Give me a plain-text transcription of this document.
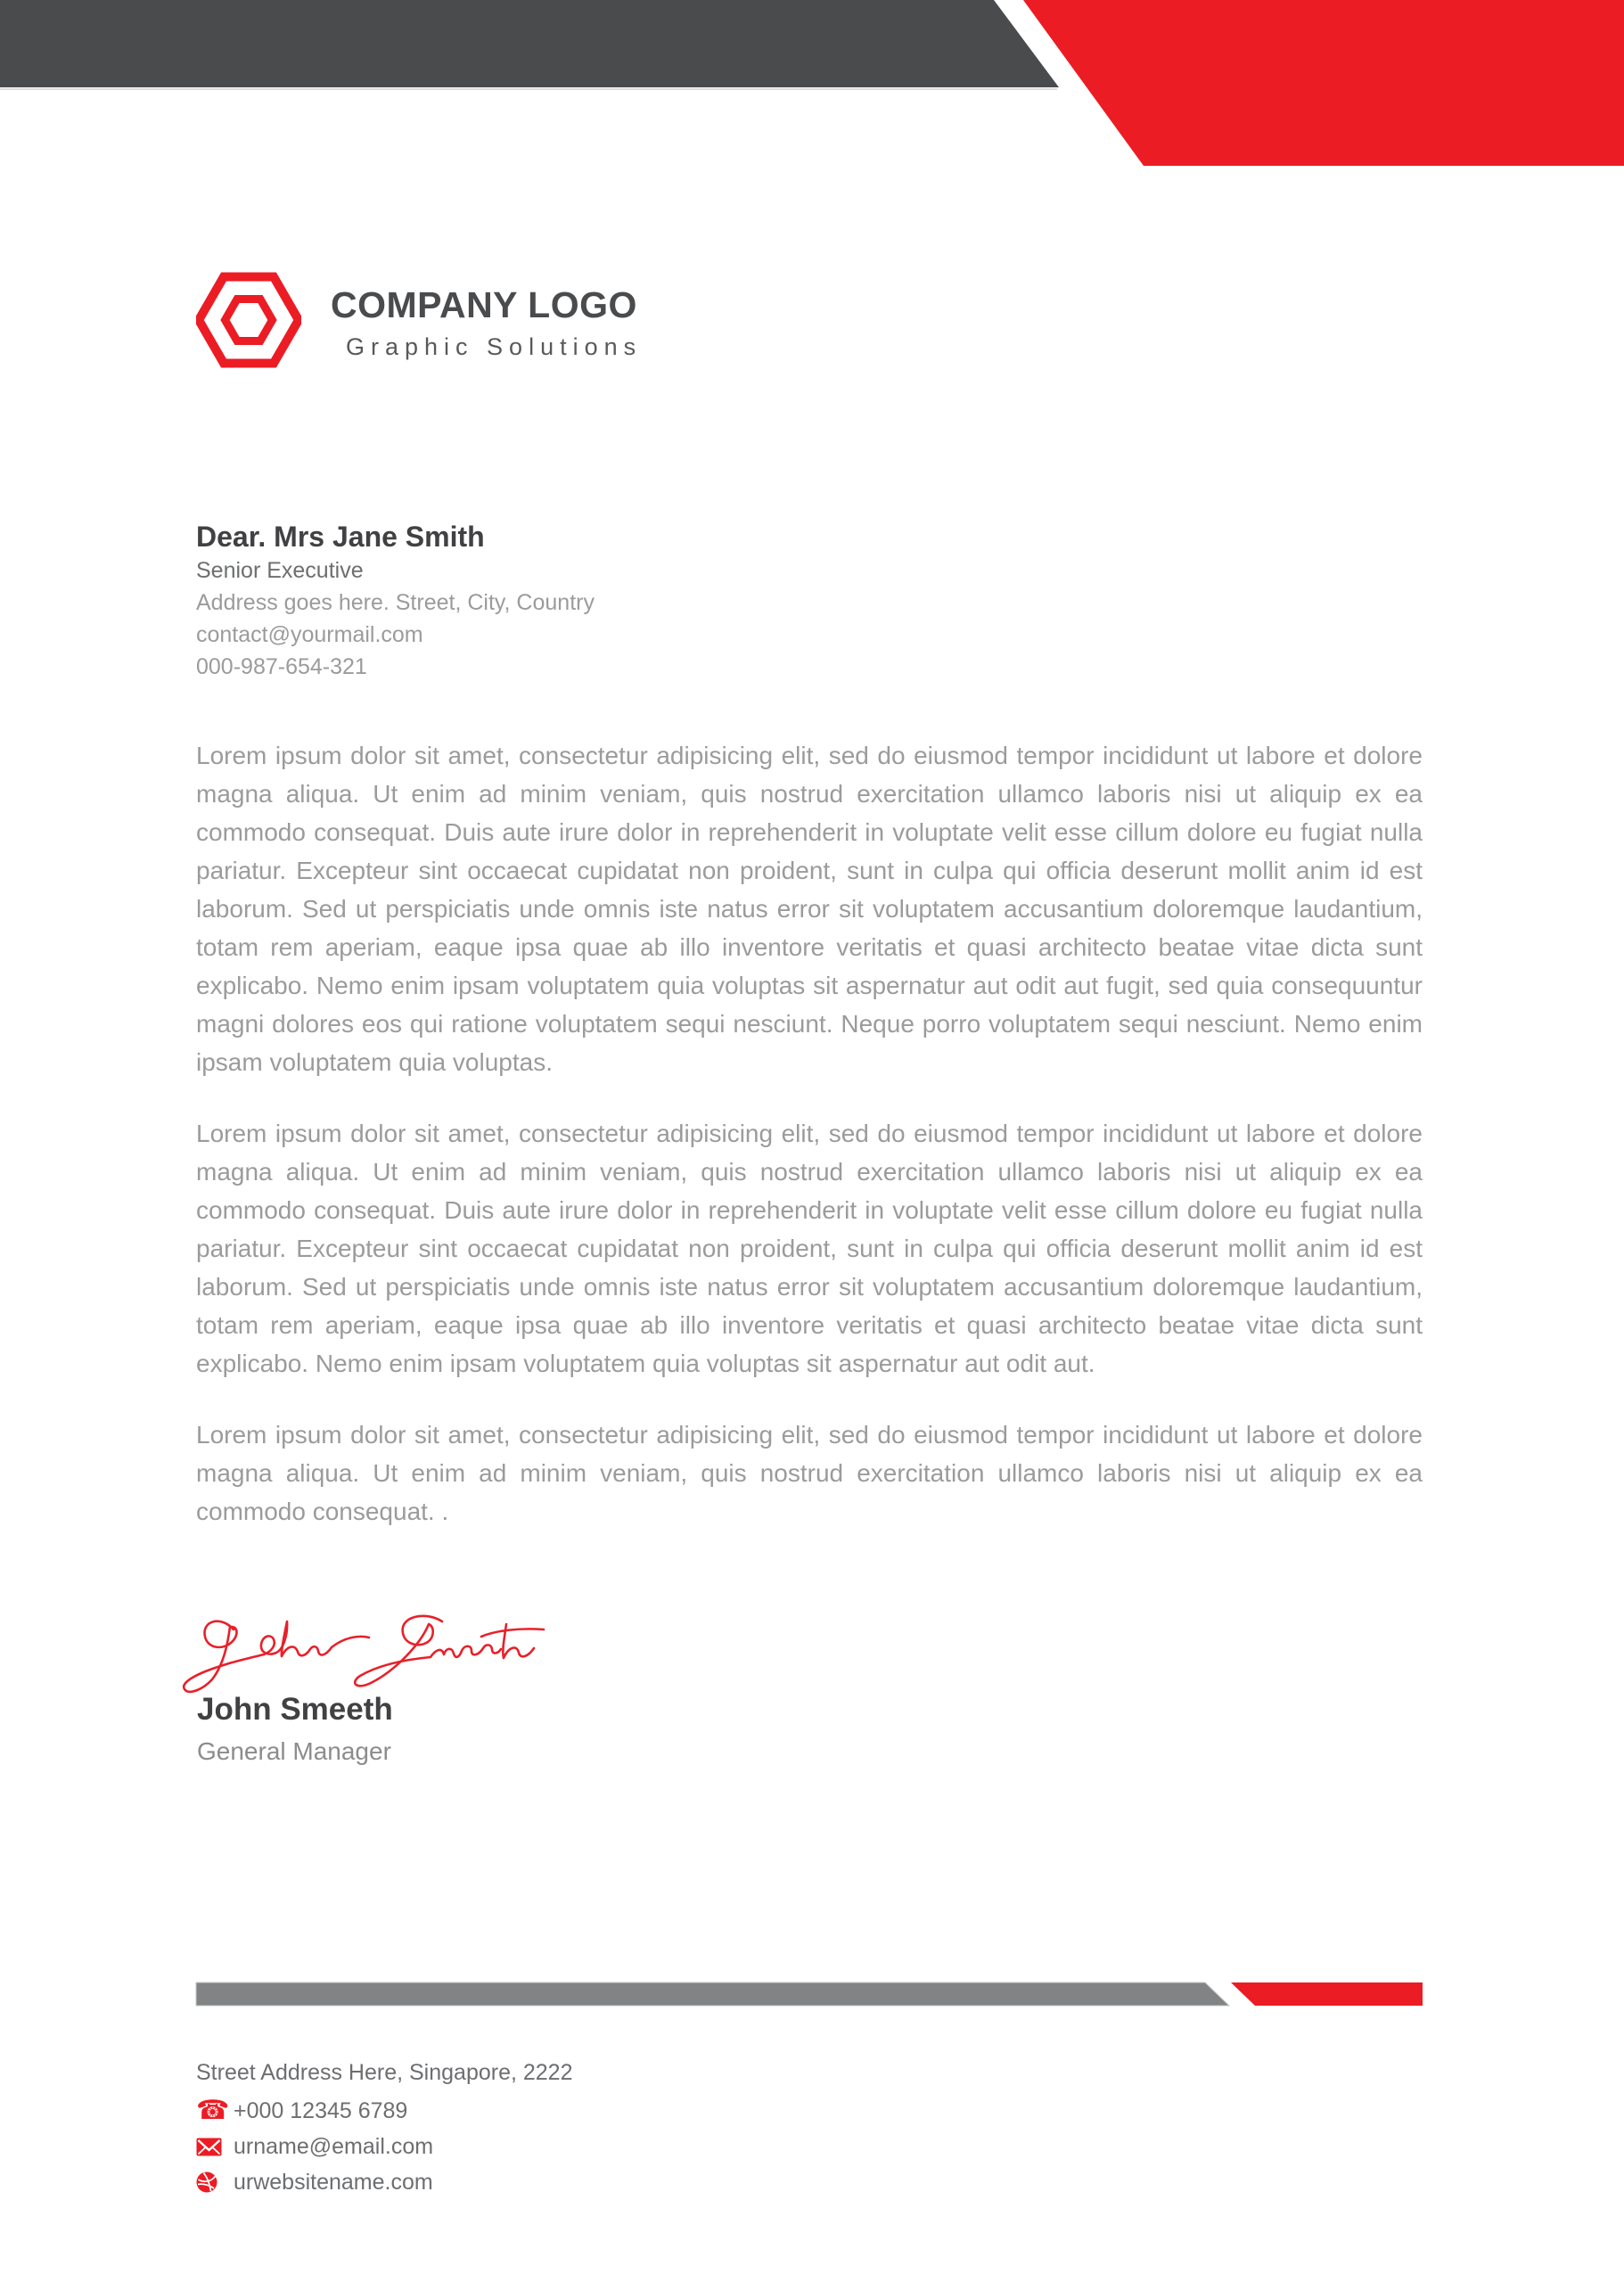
COMPANY LOGO
Graphic Solutions
Dear. Mrs Jane Smith
Senior Executive
Address goes here. Street, City, Country
contact@yourmail.com
000-987-654-321

Lorem ipsum dolor sit amet, consectetur adipisicing elit, sed do eiusmod tempor incididunt ut labore et dolore magna aliqua. Ut enim ad minim veniam, quis nostrud exercitation ullamco laboris nisi ut aliquip ex ea commodo consequat. Duis aute irure dolor in reprehenderit in voluptate velit esse cillum dolore eu fugiat nulla pariatur. Excepteur sint occaecat cupidatat non proident, sunt in culpa qui officia deserunt mollit anim id est laborum. Sed ut perspiciatis unde omnis iste natus error sit voluptatem accusantium doloremque laudantium, totam rem aperiam, eaque ipsa quae ab illo inventore veritatis et quasi architecto beatae vitae dicta sunt explicabo. Nemo enim ipsam voluptatem quia voluptas sit aspernatur aut odit aut fugit, sed quia consequuntur magni dolores eos qui ratione voluptatem sequi nesciunt. Neque porro voluptatem sequi nesciunt. Nemo enim ipsam voluptatem quia voluptas.

Lorem ipsum dolor sit amet, consectetur adipisicing elit, sed do eiusmod tempor incididunt ut labore et dolore magna aliqua. Ut enim ad minim veniam, quis nostrud exercitation ullamco laboris nisi ut aliquip ex ea commodo consequat. Duis aute irure dolor in reprehenderit in voluptate velit esse cillum dolore eu fugiat nulla pariatur. Excepteur sint occaecat cupidatat non proident, sunt in culpa qui officia deserunt mollit anim id est laborum. Sed ut perspiciatis unde omnis iste natus error sit voluptatem accusantium doloremque laudantium, totam rem aperiam, eaque ipsa quae ab illo inventore veritatis et quasi architecto beatae vitae dicta sunt explicabo. Nemo enim ipsam voluptatem quia voluptas sit aspernatur aut odit aut.

Lorem ipsum dolor sit amet, consectetur adipisicing elit, sed do eiusmod tempor incididunt ut labore et dolore magna aliqua. Ut enim ad minim veniam, quis nostrud exercitation ullamco laboris nisi ut aliquip ex ea commodo consequat. .

John Smeeth
General Manager
Street Address Here, Singapore, 2222
☎ +000 12345 6789
urname@email.com
urwebsitename.com
